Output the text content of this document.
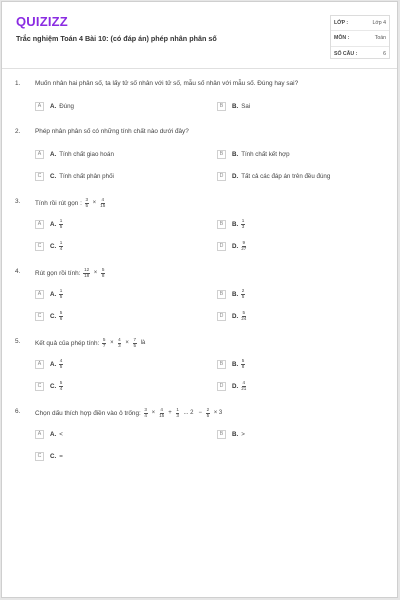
QUIZIZZ
Trắc nghiệm Toán 4 Bài 10: (có đáp án) phép nhân phân số
LỚP :	Lớp 4
MÔN :	Toán
SỐ CÂU :	6
1. Muốn nhân hai phân số, ta lấy tử số nhân với tử số, mẫu số nhân với mẫu số. Đúng hay sai?
A	A. Đúng	B	B. Sai
2. Phép nhân phân số có những tính chất nào dưới đây?
A	A. Tính chất giao hoán	B	B. Tính chất kết hợp
C	C. Tính chất phân phối	D	D. Tất cả các đáp án trên đều đúng
3. Tính rồi rút gọn : $\frac{3}{5} \times \frac{4}{15}$
A	A. $\frac{1}{5}$	B	B. $\frac{1}{3}$
C	C. $\frac{1}{4}$	D	D. $\frac{9}{27}$
4. Rút gọn rồi tính: $\frac{12}{18} \times \frac{5}{8}$
A	A. $\frac{1}{5}$	B	B. $\frac{2}{5}$
C	C. $\frac{5}{6}$	D	D. $\frac{5}{24}$
5. Kết quả của phép tính: $\frac{5}{7} \times \frac{4}{3} \times \frac{7}{5}$ là
A	A. $\frac{4}{5}$	B	B. $\frac{5}{8}$
C	C. $\frac{5}{4}$	D	D. $\frac{4}{21}$
6. Chọn dấu thích hợp điền vào ô trống: $\frac{3}{4} \times \frac{4}{15} + \frac{1}{3}$ ... $2 - \frac{2}{5} \times 3$
A	A. <	B	B. >
C	C. =
